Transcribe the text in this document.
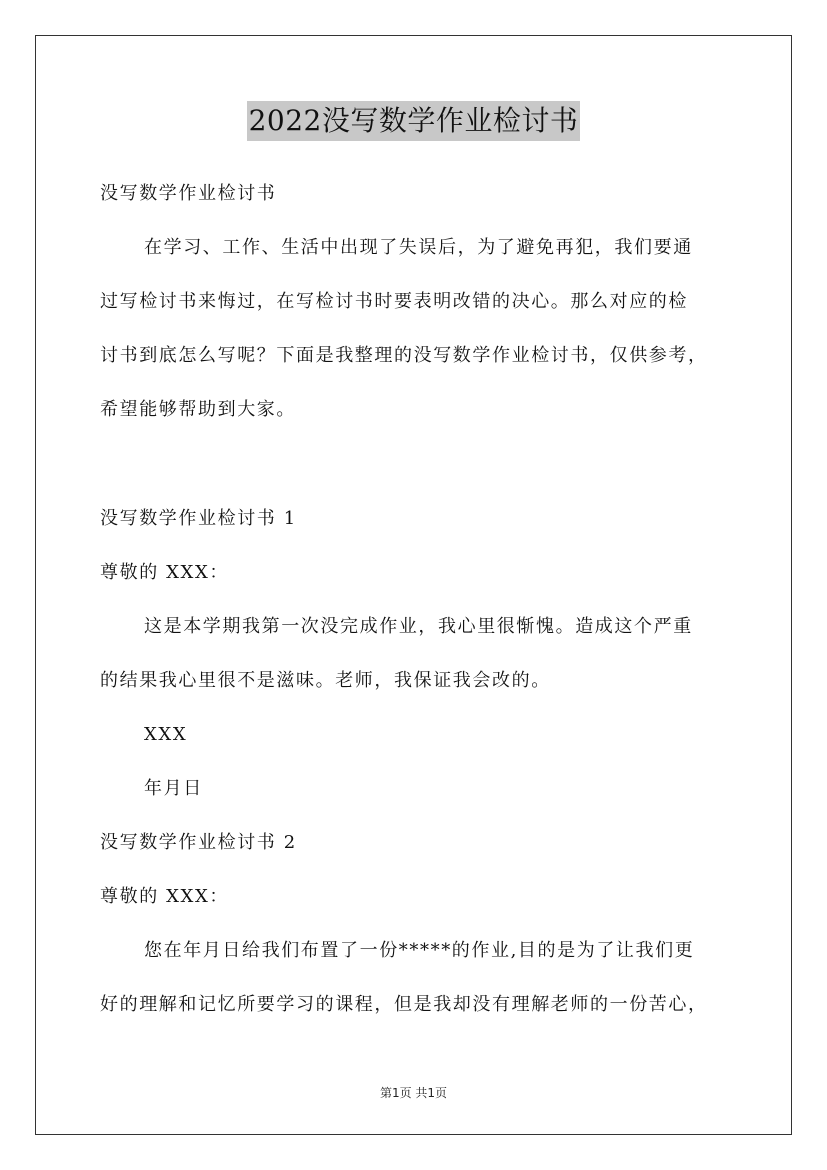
2022没写数学作业检讨书
没写数学作业检讨书
在学习、工作、生活中出现了失误后，为了避免再犯，我们要通
过写检讨书来悔过，在写检讨书时要表明改错的决心。那么对应的检
讨书到底怎么写呢？下面是我整理的没写数学作业检讨书，仅供参考，
希望能够帮助到大家。
没写数学作业检讨书 1
尊敬的 XXX：
这是本学期我第一次没完成作业，我心里很惭愧。造成这个严重
的结果我心里很不是滋味。老师，我保证我会改的。
XXX
年月日
没写数学作业检讨书 2
尊敬的 XXX：
您在年月日给我们布置了一份*****的作业,目的是为了让我们更
好的理解和记忆所要学习的课程，但是我却没有理解老师的一份苦心，
第1页 共1页
